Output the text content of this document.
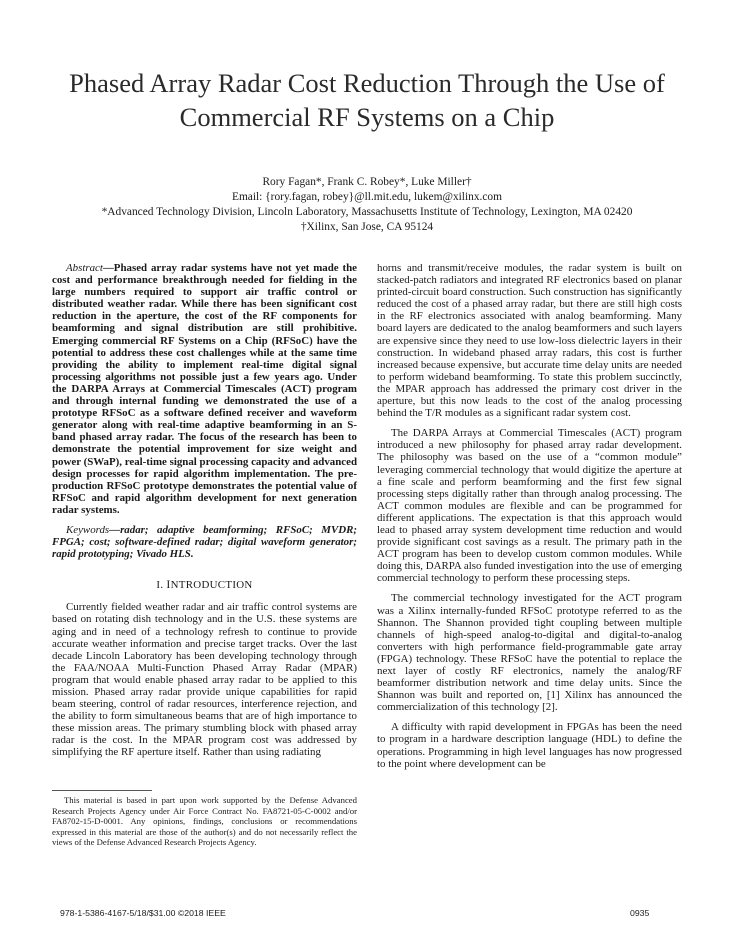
Phased Array Radar Cost Reduction Through the Use of Commercial RF Systems on a Chip
Rory Fagan*, Frank C. Robey*, Luke Miller†
Email: {rory.fagan, robey}@ll.mit.edu, lukem@xilinx.com
*Advanced Technology Division, Lincoln Laboratory, Massachusetts Institute of Technology, Lexington, MA 02420
†Xilinx, San Jose, CA 95124

Abstract—Phased array radar systems have not yet made the cost and performance breakthrough needed for fielding in the large numbers required to support air traffic control or distributed weather radar. While there has been significant cost reduction in the aperture, the cost of the RF components for beamforming and signal distribution are still prohibitive. Emerging commercial RF Systems on a Chip (RFSoC) have the potential to address these cost challenges while at the same time providing the ability to implement real-time digital signal processing algorithms not possible just a few years ago. Under the DARPA Arrays at Commercial Timescales (ACT) program and through internal funding we demonstrated the use of a prototype RFSoC as a software defined receiver and waveform generator along with real-time adaptive beamforming in an S-band phased array radar. The focus of the research has been to demonstrate the potential improvement for size weight and power (SWaP), real-time signal processing capacity and advanced design processes for rapid algorithm implementation. The pre-production RFSoC prototype demonstrates the potential value of RFSoC and rapid algorithm development for next generation radar systems.

Keywords—radar; adaptive beamforming; RFSoC; MVDR; FPGA; cost; software-defined radar; digital waveform generator; rapid prototyping; Vivado HLS.

I. INTRODUCTION

Currently fielded weather radar and air traffic control systems are based on rotating dish technology and in the U.S. these systems are aging and in need of a technology refresh to continue to provide accurate weather information and precise target tracks. Over the last decade Lincoln Laboratory has been developing technology through the FAA/NOAA Multi-Function Phased Array Radar (MPAR) program that would enable phased array radar to be applied to this mission. Phased array radar provide unique capabilities for rapid beam steering, control of radar resources, interference rejection, and the ability to form simultaneous beams that are of high importance to these mission areas. The primary stumbling block with phased array radar is the cost. In the MPAR program cost was addressed by simplifying the RF aperture itself. Rather than using radiating

horns and transmit/receive modules, the radar system is built on stacked-patch radiators and integrated RF electronics based on planar printed-circuit board construction. Such construction has significantly reduced the cost of a phased array radar, but there are still high costs in the RF electronics associated with analog beamforming. Many board layers are dedicated to the analog beamformers and such layers are expensive since they need to use low-loss dielectric layers in their construction. In wideband phased array radars, this cost is further increased because expensive, but accurate time delay units are needed to perform wideband beamforming. To state this problem succinctly, the MPAR approach has addressed the primary cost driver in the aperture, but this now leads to the cost of the analog processing behind the T/R modules as a significant radar system cost.

The DARPA Arrays at Commercial Timescales (ACT) program introduced a new philosophy for phased array radar development. The philosophy was based on the use of a “common module” leveraging commercial technology that would digitize the aperture at a fine scale and perform beamforming and the first few signal processing steps digitally rather than through analog processing. The ACT common modules are flexible and can be programmed for different applications. The expectation is that this approach would lead to phased array system development time reduction and would provide significant cost savings as a result. The primary path in the ACT program has been to develop custom common modules. While doing this, DARPA also funded investigation into the use of emerging commercial technology to perform these processing steps.

The commercial technology investigated for the ACT program was a Xilinx internally-funded RFSoC prototype referred to as the Shannon. The Shannon provided tight coupling between multiple channels of high-speed analog-to-digital and digital-to-analog converters with high performance field-programmable gate array (FPGA) technology. These RFSoC have the potential to replace the next layer of costly RF electronics, namely the analog/RF beamformer distribution network and time delay units. Since the Shannon was built and reported on, [1] Xilinx has announced the commercialization of this technology [2].

A difficulty with rapid development in FPGAs has been the need to program in a hardware description language (HDL) to define the operations. Programming in high level languages has now progressed to the point where development can be

This material is based in part upon work supported by the Defense Advanced Research Projects Agency under Air Force Contract No. FA8721-05-C-0002 and/or FA8702-15-D-0001. Any opinions, findings, conclusions or recommendations expressed in this material are those of the author(s) and do not necessarily reflect the views of the Defense Advanced Research Projects Agency.
978-1-5386-4167-5/18/$31.00 ©2018 IEEE	0935
